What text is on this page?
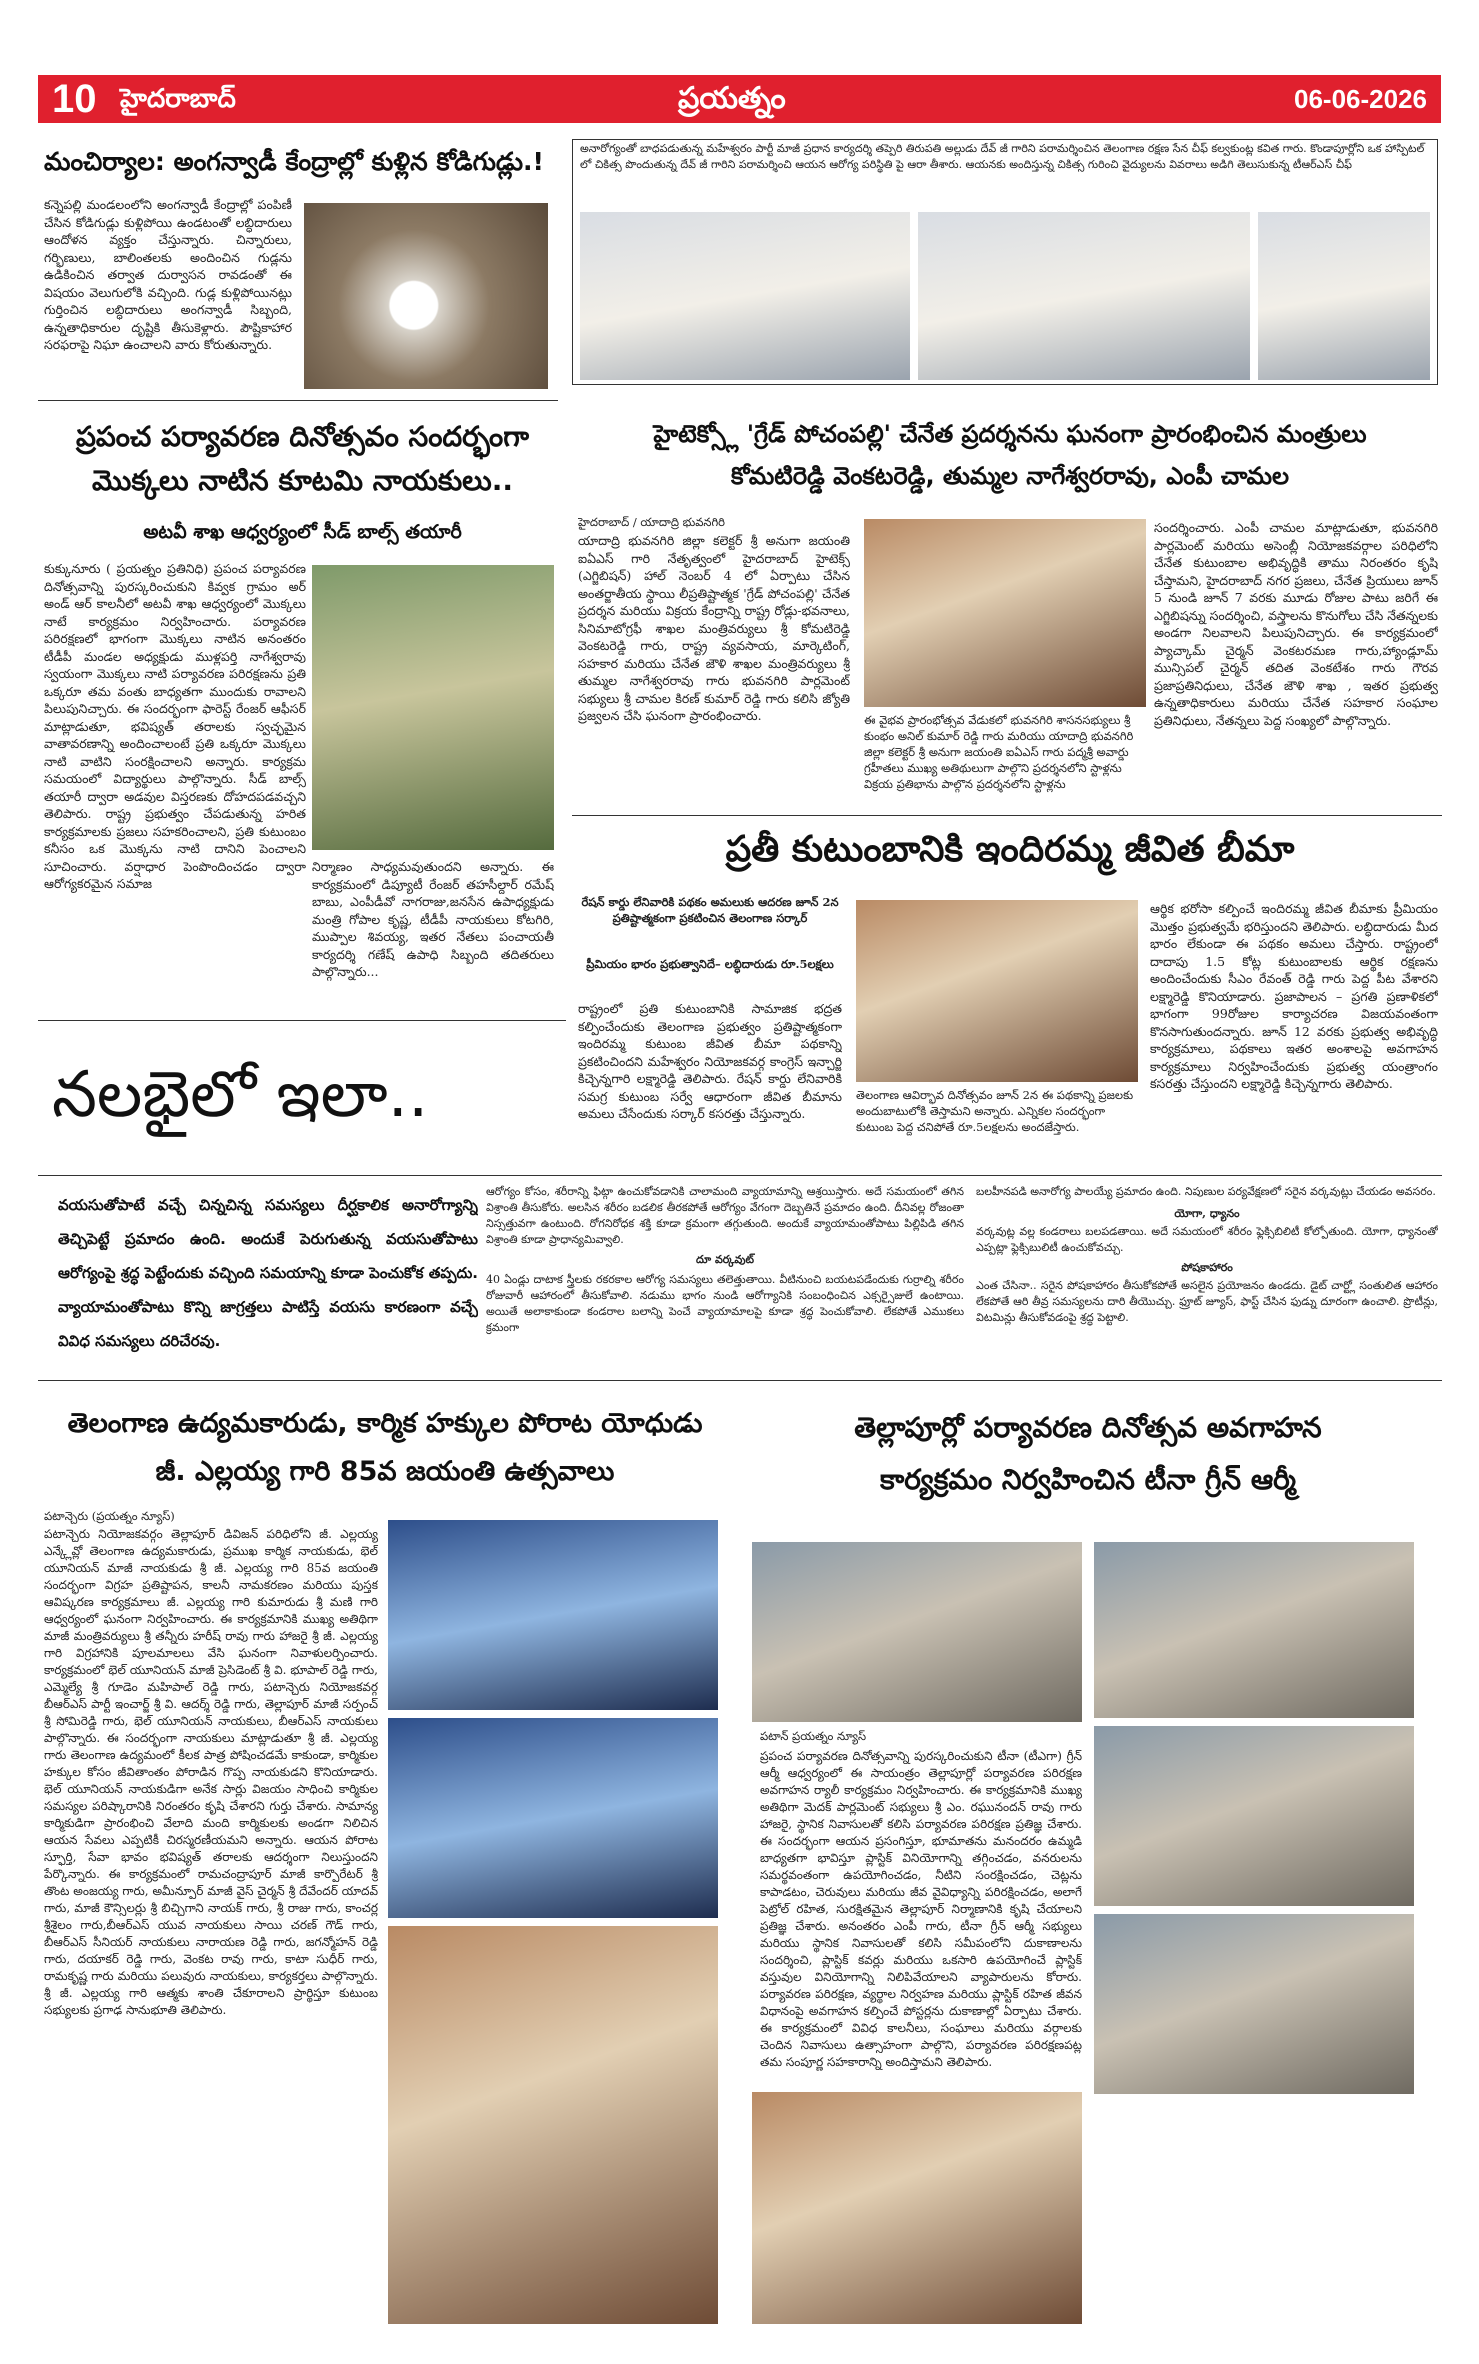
10 హైదరాబాద్	ప్రయత్నం	06-06-2026
మంచిర్యాల: అంగన్వాడీ కేంద్రాల్లో కుళ్లిన కోడిగుడ్లు.!
కన్నెపల్లి మండలంలోని అంగన్వాడీ కేంద్రాల్లో పంపిణీ చేసిన కోడిగుడ్లు కుళ్లిపోయి ఉండటంతో లబ్ధిదారులు ఆందోళన వ్యక్తం చేస్తున్నారు. చిన్నారులు, గర్భిణులు, బాలింతలకు అందించిన గుడ్లను ఉడికించిన తర్వాత దుర్వాసన రావడంతో ఈ విషయం వెలుగులోకి వచ్చింది. గుడ్ల కుళ్లిపోయినట్లు గుర్తించిన లబ్ధిదారులు అంగన్వాడీ సిబ్బంది, ఉన్నతాధికారుల దృష్టికి తీసుకెళ్లారు. పౌష్టికాహార సరఫరాపై నిఘా ఉంచాలని వారు కోరుతున్నారు.
అనారోగ్యంతో బాధపడుతున్న మహేశ్వరం పార్టీ మాజీ ప్రధాన కార్యదర్శి తప్పెరి తిరుపతి అల్లుడు దేవ్ జీ గారిని పరామర్శించిన తెలంగాణ రక్షణ సేన చీఫ్ కల్వకుంట్ల కవిత గారు. కొండాపూర్లోని ఒక హాస్పిటల్ లో చికిత్స పొందుతున్న దేవ్ జీ గారిని పరామర్శించి ఆయన ఆరోగ్య పరిస్థితి పై ఆరా తీశారు. ఆయనకు అందిస్తున్న చికిత్స గురించి వైద్యులను వివరాలు అడిగి తెలుసుకున్న టీఆర్ఎస్ చీఫ్
ప్రపంచ పర్యావరణ దినోత్సవం సందర్భంగా మొక్కలు నాటిన కూటమి నాయకులు..
అటవీ శాఖ ఆధ్వర్యంలో సీడ్ బాల్స్ తయారీ
కుక్కునూరు ( ప్రయత్నం ప్రతినిధి) ప్రపంచ పర్యావరణ దినోత్సవాన్ని పురస్కరించుకుని కివ్వక గ్రామం అర్ అండ్ ఆర్ కాలనీలో అటవీ శాఖ ఆధ్వర్యంలో మొక్కలు నాటే కార్యక్రమం నిర్వహించారు. పర్యావరణ పరిరక్షణలో భాగంగా మొక్కలు నాటిన అనంతరం టీడీపీ మండల అధ్యక్షుడు ముళ్లపర్తి నాగేశ్వరావు స్వయంగా మొక్కలు నాటి పర్యావరణ పరిరక్షణను ప్రతి ఒక్కరూ తమ వంతు బాధ్యతగా ముందుకు రావాలని పిలుపునిచ్చారు. ఈ సందర్భంగా ఫారెస్ట్ రేంజర్ ఆఫీసర్ మాట్లాడుతూ, భవిష్యత్ తరాలకు స్వచ్ఛమైన వాతావరణాన్ని అందించాలంటే ప్రతి ఒక్కరూ మొక్కలు నాటి వాటిని సంరక్షించాలని అన్నారు. కార్యక్రమ సమయంలో విద్యార్థులు పాల్గొన్నారు. సీడ్ బాల్స్ తయారీ ద్వారా అడవుల విస్తరణకు దోహదపడవచ్చని తెలిపారు. రాష్ట్ర ప్రభుత్వం చేపడుతున్న హరిత కార్యక్రమాలకు ప్రజలు సహకరించాలని, ప్రతి కుటుంబం కనీసం ఒక మొక్కను నాటి దానిని పెంచాలని సూచించారు. వర్షాధార పెంపొందించడం ద్వారా ఆరోగ్యకరమైన సమాజ
నిర్మాణం సాధ్యమవుతుందని అన్నారు. ఈ కార్యక్రమంలో డిప్యూటీ రేంజర్ తహసీల్దార్ రమేష్ బాబు, ఎంపీడీవో నాగరాజు,జనసేన ఉపాధ్యక్షుడు మంత్రి గోపాల కృష్ణ, టీడీపీ నాయకులు కోటగిరి, ముప్పాల శివయ్య, ఇతర నేతలు పంచాయతీ కార్యదర్శి గణేష్ ఉపాధి సిబ్బంది తదితరులు పాల్గొన్నారు...
హైటెక్స్లో 'గ్రేడ్ పోచంపల్లి' చేనేత ప్రదర్శనను ఘనంగా ప్రారంభించిన మంత్రులు
కోమటిరెడ్డి వెంకటరెడ్డి, తుమ్మల నాగేశ్వరరావు, ఎంపీ చామల
హైదరాబాద్ / యాదాద్రి భువనగిరి
యాదాద్రి భువనగిరి జిల్లా కలెక్టర్ శ్రీ అనుగా జయంతి ఐఏఎస్ గారి నేతృత్వంలో హైదరాబాద్ హైటెక్స్ (ఎగ్జిబిషన్) హాల్ నెంబర్ 4 లో ఏర్పాటు చేసిన అంతర్జాతీయ స్థాయి లీప్రతిష్టాత్మక 'గ్రేడ్ పోచంపల్లి' చేనేత ప్రదర్శన మరియు విక్రయ కేంద్రాన్ని రాష్ట్ర రోడ్లు-భవనాలు, సినిమాటోగ్రఫీ శాఖల మంత్రివర్యులు శ్రీ కోమటిరెడ్డి వెంకటరెడ్డి గారు, రాష్ట్ర వ్యవసాయ, మార్కెటింగ్, సహకార మరియు చేనేత జౌళి శాఖల మంత్రివర్యులు శ్రీ తుమ్మల నాగేశ్వరరావు గారు భువనగిరి పార్లమెంట్ సభ్యులు శ్రీ చామల కిరణ్ కుమార్ రెడ్డి గారు కలిసి జ్యోతి ప్రజ్వలన చేసి ఘనంగా ప్రారంభించారు.	ఈ వైభవ ప్రారంభోత్సవ వేడుకలో భువనగిరి శాసనసభ్యులు శ్రీ కుంభం అనిల్ కుమార్ రెడ్డి గారు మరియు యాదాద్రి భువనగిరి జిల్లా కలెక్టర్ శ్రీ అనుగా జయంతి ఐఏఎస్ గారు పద్మశ్రీ అవార్డు గ్రహీతలు ముఖ్య అతిథులుగా పాల్గొని ప్రదర్శనలోని స్టాళ్లను విక్రయ ప్రతిభాను పాల్గొన ప్రదర్శనలోని స్టాళ్లను
సందర్శించారు. ఎంపీ చామల మాట్లాడుతూ, భువనగిరి పార్లమెంట్ మరియు అసెంబ్లీ నియోజకవర్గాల పరిధిలోని చేనేత కుటుంబాల అభివృద్ధికి తాము నిరంతరం కృషి చేస్తామని, హైదరాబాద్ నగర ప్రజలు, చేనేత ప్రియులు జూన్ 5 నుండి జూన్ 7 వరకు మూడు రోజుల పాటు జరిగే ఈ ఎగ్జిబిషన్ను సందర్శించి, వస్త్రాలను కొనుగోలు చేసి నేతన్నలకు అండగా నిలవాలని పిలుపునిచ్చారు. ఈ కార్యక్రమంలో ప్యాచ్కామ్ చైర్మన్ వెంకటరమణ గారు,హ్యాండ్లూమ్ మున్సిపల్ చైర్మన్ తదిత వెంకటేశం గారు గౌరవ ప్రజాప్రతినిధులు, చేనేత జౌళి శాఖ , ఇతర ప్రభుత్వ ఉన్నతాధికారులు మరియు చేనేత సహకార సంఘాల ప్రతినిధులు, నేతన్నలు పెద్ద సంఖ్యలో పాల్గొన్నారు.
ప్రతీ కుటుంబానికి ఇందిరమ్మ జీవిత బీమా
రేషన్ కార్డు లేనివారికి పథకం అమలుకు ఆదరణ జూన్ 2న ప్రతిష్టాత్మకంగా ప్రకటించిన తెలంగాణ సర్కార్
ప్రీమియం భారం ప్రభుత్వానిదే– లబ్ధిదారుడు రూ.5లక్షలు
రాష్ట్రంలో ప్రతి కుటుంబానికి సామాజిక భద్రత కల్పించేందుకు తెలంగాణ ప్రభుత్వం ప్రతిష్టాత్మకంగా ఇందిరమ్మ కుటుంబ జీవిత బీమా పథకాన్ని ప్రకటించిందని మహేశ్వరం నియోజకవర్గ కాంగ్రెస్ ఇన్చార్జి కిచ్చెన్నగారి లక్ష్మారెడ్డి తెలిపారు. రేషన్ కార్డు లేనివారికి సమగ్ర కుటుంబ సర్వే ఆధారంగా జీవిత బీమాను అమలు చేసేందుకు సర్కార్ కసరత్తు చేస్తున్నారు.
తెలంగాణ ఆవిర్భావ దినోత్సవం జూన్ 2న ఈ పథకాన్ని ప్రజలకు అందుబాటులోకి తెస్తామని అన్నారు. ఎన్నికల సందర్భంగా కుటుంబ పెద్ద చనిపోతే రూ.5లక్షలను అందజేస్తారు.
ఆర్థిక భరోసా కల్పించే ఇందిరమ్మ జీవిత బీమాకు ప్రీమియం మొత్తం ప్రభుత్వమే భరిస్తుందని తెలిపారు. లబ్ధిదారుడు మీద భారం లేకుండా ఈ పథకం అమలు చేస్తారు. రాష్ట్రంలో దాదాపు 1.5 కోట్ల కుటుంబాలకు ఆర్థిక రక్షణను అందించేందుకు సీఎం రేవంత్ రెడ్డి గారు పెద్ద పీట వేశారని లక్ష్మారెడ్డి కొనియాడారు. ప్రజాపాలన – ప్రగతి ప్రణాళికలో భాగంగా 99రోజుల కార్యాచరణ విజయవంతంగా కొనసాగుతుందన్నారు. జూన్ 12 వరకు ప్రభుత్వ అభివృద్ధి కార్యక్రమాలు, పథకాలు ఇతర అంశాలపై అవగాహన కార్యక్రమాలు నిర్వహించేందుకు ప్రభుత్వ యంత్రాంగం కసరత్తు చేస్తుందని లక్ష్మారెడ్డి కిచ్చెన్నగారు తెలిపారు.
నలభైలో ఇలా..
వయసుతోపాటే వచ్చే చిన్నచిన్న సమస్యలు దీర్ఘకాలిక అనారోగ్యాన్ని తెచ్చిపెట్టే ప్రమాదం ఉంది. అందుకే పెరుగుతున్న వయసుతోపాటు ఆరోగ్యంపై శ్రద్ధ పెట్టేందుకు వచ్చింది సమయాన్ని కూడా పెంచుకోక తప్పదు. వ్యాయామంతోపాటు కొన్ని జాగ్రత్తలు పాటిస్తే వయసు కారణంగా వచ్చే వివిధ సమస్యలు దరిచేరవు.
ఆరోగ్యం కోసం, శరీరాన్ని ఫిట్గా ఉంచుకోవడానికి చాలామంది వ్యాయామాన్ని ఆశ్రయిస్తారు. అదే సమయంలో తగిన విశ్రాంతి తీసుకోరు. అలసిన శరీరం బడలిక తీరకపోతే ఆరోగ్యం వేగంగా దెబ్బతినే ప్రమాదం ఉంది. దీనివల్ల రోజంతా నిస్సత్తువగా ఉంటుంది. రోగనిరోధక శక్తి కూడా క్రమంగా తగ్గుతుంది. అందుకే వ్యాయామంతోపాటు పిల్లిపిడి తగిన విశ్రాంతి కూడా ప్రాధాన్యమివ్వాలి.
దూ వర్కవుట్
40 ఏండ్లు దాటాక స్త్రీలకు రకరకాల ఆరోగ్య సమస్యలు తలెత్తుతాయి. వీటినుంచి బయటపడేందుకు గుర్రాల్ని శరీరం రోజువారీ ఆహారంలో తీసుకోవాలి. నడుము భాగం నుండి ఆరోగ్యానికి సంబంధించిన ఎక్సర్సైజులే ఉంటాయి. అయితే అలాకాకుండా కండరాల బలాన్ని పెంచే వ్యాయామాలపై కూడా శ్రద్ధ పెంచుకోవాలి. లేకపోతే ఎముకలు క్రమంగా
బలహీనపడి అనారోగ్య పాలయ్యే ప్రమాదం ఉంది. నిపుణుల పర్యవేక్షణలో సరైన వర్కవుట్లు చేయడం అవసరం.
యోగా, ధ్యానం
వర్కవుట్ల వల్ల కండరాలు బలపడతాయి. అదే సమయంలో శరీరం ఫ్లెక్సిబిలిటీ కోల్పోతుంది. యోగా, ధ్యానంతో ఎప్పట్లా ఫ్లెక్సిబులిటీ ఉంచుకోవచ్చు.
పోషకాహారం
ఎంత చేసినా.. సరైన పోషకాహారం తీసుకోకపోతే అసలైన ప్రయోజనం ఉండదు. డైట్ చార్ట్లో సంతులిత ఆహారం లేకపోతే ఆరి తీవ్ర సమస్యలను దారి తీయొచ్చు. ఫ్రూట్ జ్యూస్, ఫాస్ట్ చేసిన ఫుడ్ను దూరంగా ఉంచాలి. ప్రొటీన్లు, విటమిన్లు తీసుకోవడంపై శ్రద్ధ పెట్టాలి.
తెలంగాణ ఉద్యమకారుడు, కార్మిక హక్కుల పోరాట యోధుడు జీ. ఎల్లయ్య గారి 85వ జయంతి ఉత్సవాలు
పటాన్చెరు (ప్రయత్నం న్యూస్)
పటాన్చెరు నియోజకవర్గం తెల్లాపూర్ డివిజన్ పరిధిలోని జీ. ఎల్లయ్య ఎన్క్లేవ్లో తెలంగాణ ఉద్యమకారుడు, ప్రముఖ కార్మిక నాయకుడు, భెల్ యూనియన్ మాజీ నాయకుడు శ్రీ జీ. ఎల్లయ్య గారి 85వ జయంతి సందర్భంగా విగ్రహ ప్రతిష్టాపన, కాలనీ నామకరణం మరియు పుస్తక ఆవిష్కరణ కార్యక్రమాలు జీ. ఎల్లయ్య గారి కుమారుడు శ్రీ మణి గారి ఆధ్వర్యంలో ఘనంగా నిర్వహించారు. ఈ కార్యక్రమానికి ముఖ్య అతిథిగా మాజీ మంత్రివర్యులు శ్రీ తన్నీరు హరీష్ రావు గారు హాజరై శ్రీ జీ. ఎల్లయ్య గారి విగ్రహానికి పూలమాలలు వేసి ఘనంగా నివాళులర్పించారు. కార్యక్రమంలో భెల్ యూనియన్ మాజీ ప్రెసిడెంట్ శ్రీ వి. భూపాల్ రెడ్డి గారు, ఎమ్మెల్యే శ్రీ గూడెం మహిపాల్ రెడ్డి గారు, పటాన్చెరు నియోజకవర్గ బీఆర్ఎస్ పార్టీ ఇంచార్జ్ శ్రీ వి. ఆదర్శ్ రెడ్డి గారు, తెల్లాపూర్ మాజీ సర్పంచ్ శ్రీ సోమిరెడ్డి గారు, భెల్ యూనియన్ నాయకులు, బీఆర్ఎస్ నాయకులు పాల్గొన్నారు. ఈ సందర్భంగా నాయకులు మాట్లాడుతూ శ్రీ జీ. ఎల్లయ్య గారు తెలంగాణ ఉద్యమంలో కీలక పాత్ర పోషించడమే కాకుండా, కార్మికుల హక్కుల కోసం జీవితాంతం పోరాడిన గొప్ప నాయకుడని కొనియాడారు. భెల్ యూనియన్ నాయకుడిగా అనేక సార్లు విజయం సాధించి కార్మికుల సమస్యల పరిష్కారానికి నిరంతరం కృషి చేశారని గుర్తు చేశారు. సామాన్య కార్మికుడిగా ప్రారంభించి వేలాది మంది కార్మికులకు అండగా నిలిచిన ఆయన సేవలు ఎప్పటికీ చిరస్మరణీయమని అన్నారు. ఆయన పోరాట స్ఫూర్తి, సేవా భావం భవిష్యత్ తరాలకు ఆదర్శంగా నిలుస్తుందని పేర్కొన్నారు. ఈ కార్యక్రమంలో రామచంద్రాపూర్ మాజీ కార్పొరేటర్ శ్రీ తొంట అంజయ్య గారు, అమీన్పూర్ మాజీ వైస్ చైర్మన్ శ్రీ దేవేందర్ యాదవ్ గారు, మాజీ కౌన్సిలర్లు శ్రీ బిచ్చిగాని నాయక్ గారు, శ్రీ రాజు గారు, కాంచర్ల శ్రీశైలం గారు,బీఆర్ఎస్ యువ నాయకులు సాయి చరణ్ గౌడ్ గారు, బీఆర్ఎస్ సీనియర్ నాయకులు నారాయణ రెడ్డి గారు, జగన్మోహన్ రెడ్డి గారు, దయాకర్ రెడ్డి గారు, వెంకట రావు గారు, కాటా సుధీర్ గారు, రామకృష్ణ గారు మరియు పలువురు నాయకులు, కార్యకర్తలు పాల్గొన్నారు. శ్రీ జీ. ఎల్లయ్య గారి ఆత్మకు శాంతి చేకూరాలని ప్రార్థిస్తూ కుటుంబ సభ్యులకు ప్రగాఢ సానుభూతి తెలిపారు.
తెల్లాపూర్లో పర్యావరణ దినోత్సవ అవగాహన
కార్యక్రమం నిర్వహించిన టీనా గ్రీన్ ఆర్మీ
పటాన్ ప్రయత్నం న్యూస్
ప్రపంచ పర్యావరణ దినోత్సవాన్ని పురస్కరించుకుని టీనా (టీఎగా) గ్రీన్ ఆర్మీ ఆధ్వర్యంలో ఈ సాయంత్రం తెల్లాపూర్లో పర్యావరణ పరిరక్షణ అవగాహన ర్యాలీ కార్యక్రమం నిర్వహించారు. ఈ కార్యక్రమానికి ముఖ్య అతిథిగా మెదక్ పార్లమెంట్ సభ్యులు శ్రీ ఎం. రఘునందన్ రావు గారు హాజరై, స్థానిక నివాసులతో కలిసి పర్యావరణ పరిరక్షణ ప్రతిజ్ఞ చేశారు. ఈ సందర్భంగా ఆయన ప్రసంగిస్తూ, భూమాతను మనందరం ఉమ్మడి బాధ్యతగా భావిస్తూ ప్లాస్టిక్ వినియోగాన్ని తగ్గించడం, వనరులను సమర్థవంతంగా ఉపయోగించడం, నీటిని సంరక్షించడం, చెట్లను కాపాడటం, చెరువులు మరియు జీవ వైవిధ్యాన్ని పరిరక్షించడం, అలాగే పెట్రోల్ రహిత, సురక్షితమైన తెల్లాపూర్ నిర్మాణానికి కృషి చేయాలని ప్రతిజ్ఞ చేశారు. అనంతరం ఎంపీ గారు, టీనా గ్రీన్ ఆర్మీ సభ్యులు మరియు స్థానిక నివాసులతో కలిసి సమీపంలోని దుకాణాలను సందర్శించి, ప్లాస్టిక్ కవర్లు మరియు ఒకసారి ఉపయోగించే ప్లాస్టిక్ వస్తువుల వినియోగాన్ని నిలిపివేయాలని వ్యాపారులను కోరారు. పర్యావరణ పరిరక్షణ, వ్యర్థాల నిర్వహణ మరియు ప్లాస్టిక్ రహిత జీవన విధానంపై అవగాహన కల్పించే పోస్టర్లను దుకాణాల్లో ఏర్పాటు చేశారు. ఈ కార్యక్రమంలో వివిధ కాలనీలు, సంఘాలు మరియు వర్గాలకు చెందిన నివాసులు ఉత్సాహంగా పాల్గొని, పర్యావరణ పరిరక్షణపట్ల తమ సంపూర్ణ సహకారాన్ని అందిస్తామని తెలిపారు.
